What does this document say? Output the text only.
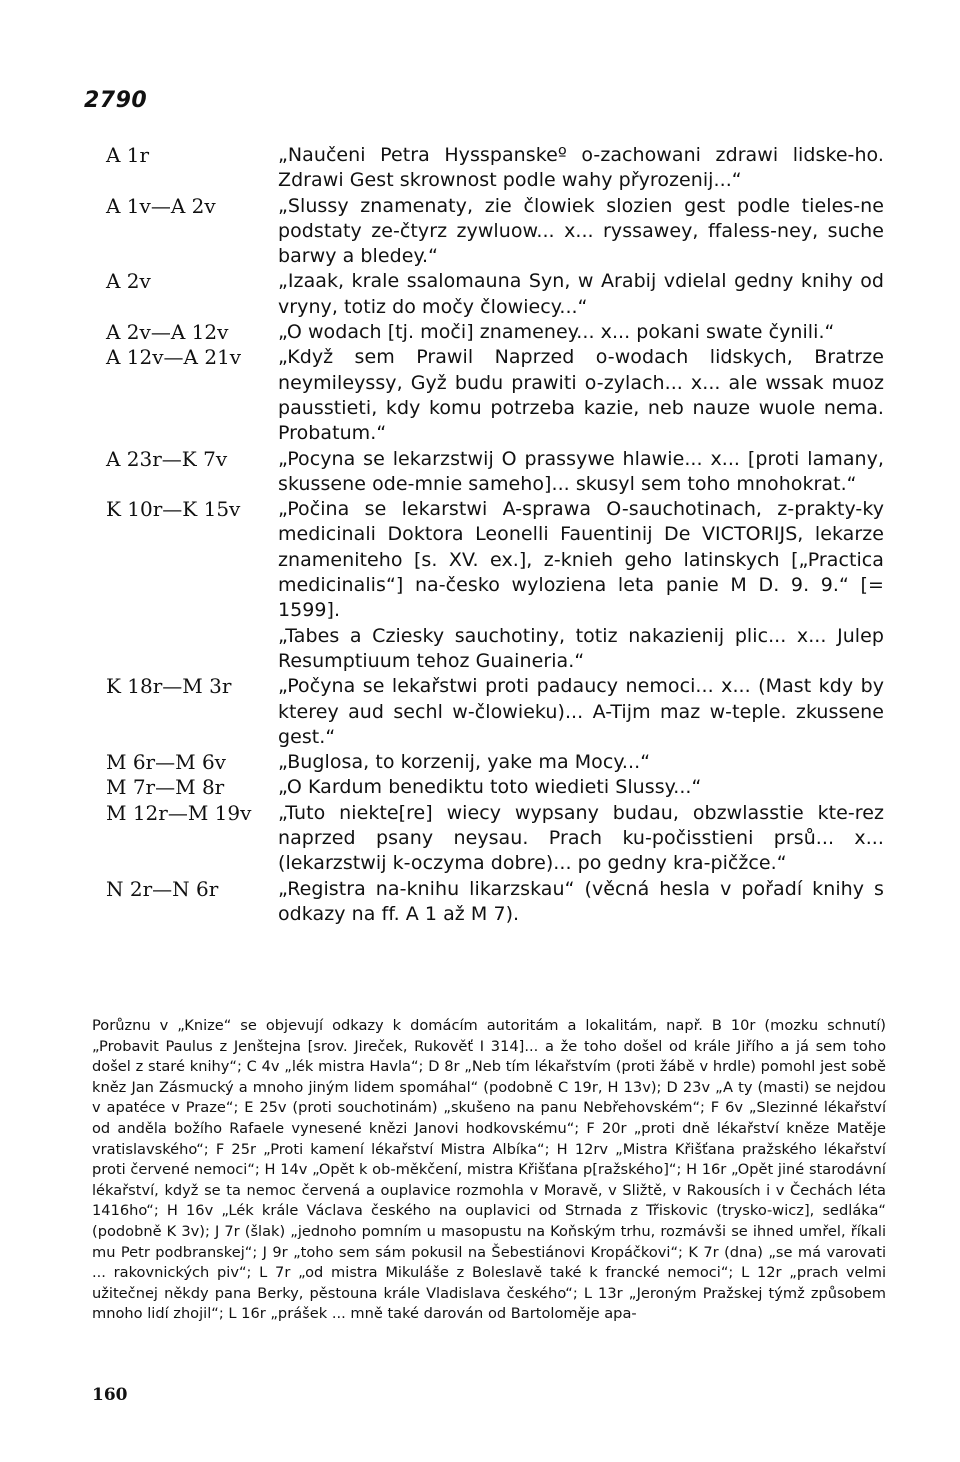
2790
A 1r	„Naučeni Petra Hysspanskeº o-zachowani zdrawi lidske-ho. Zdrawi Gest skrownost podle wahy přyrozenij...“

A 1v—A 2v	„Slussy znamenaty, zie člowiek slozien gest podle tieles-ne podstaty ze-čtyrz zywluow... x... ryssawey, ffaless-ney, suche barwy a bledey.“

A 2v	„Izaak, krale ssalomauna Syn, w Arabij vdielal gedny knihy od vryny, totiz do močy člowiecy...“

A 2v—A 12v	„O wodach [tj. moči] znameney... x... pokani swate čynili.“

A 12v—A 21v	„Když sem Prawil Naprzed o-wodach lidskych, Bratrze neymileyssy, Gyž budu prawiti o-zylach... x... ale wssak muoz pausstieti, kdy komu potrzeba kazie, neb nauze wuole nema. Probatum.“

A 23r—K 7v	„Pocyna se lekarzstwij O prassywe hlawie... x... [proti lamany, skussene ode-mnie sameho]... skusyl sem toho mnohokrat.“

K 10r—K 15v	„Počina se lekarstwi A-sprawa O-sauchotinach, z-prakty-ky medicinali Doktora Leonelli Fauentinij De VICTORIJS, lekarze znameniteho [s. XV. ex.], z-knieh geho latinskych [„Practica medicinalis“] na-česko wyloziena leta panie M D. 9. 9.“ [= 1599].

„Tabes a Cziesky sauchotiny, totiz nakazienij plic... x... Julep Resumptiuum tehoz Guaineria.“

K 18r—M 3r	„Počyna se lekařstwi proti padaucy nemoci... x... (Mast kdy by kterey aud sechl w-člowieku)... A-Tijm maz w-teple. zkussene gest.“

M 6r—M 6v	„Buglosa, to korzenij, yake ma Mocy...“

M 7r—M 8r	„O Kardum benediktu toto wiedieti Slussy...“

M 12r—M 19v	„Tuto niekte[re] wiecy wypsany budau, obzwlasstie kte-rez naprzed psany neysau. Prach ku-počisstieni prsů... x... (lekarzstwij k-oczyma dobre)... po gedny kra-pičžce.“

N 2r—N 6r	„Registra na-knihu likarzskau“ (věcná hesla v pořadí knihy s odkazy na ff. A 1 až M 7).

Porůznu v „Knize“ se objevují odkazy k domácím autoritám a lokalitám, např. B 10r (mozku schnutí) „Probavit Paulus z Jenštejna [srov. Jireček, Rukověť I 314]... a že toho došel od krále Jiřího a já sem toho došel z staré knihy“; C 4v „lék mistra Havla“; D 8r „Neb tím lékařstvím (proti žábě v hrdle) pomohl jest sobě kněz Jan Zásmucký a mnoho jiným lidem spomáhal“ (podobně C 19r, H 13v); D 23v „A ty (masti) se nejdou v apatéce v Praze“; E 25v (proti souchotinám) „skušeno na panu Nebřehovském“; F 6v „Slezinné lékařství od anděla božího Rafaele vynesené knězi Janovi hodkovskému“; F 20r „proti dně lékařství kněze Matěje vratislavského“; F 25r „Proti kamení lékařství Mistra Albíka“; H 12rv „Mistra Křišťana pražského lékařství proti červené nemoci“; H 14v „Opět k ob-měkčení, mistra Křišťana p[ražského]“; H 16r „Opět jiné starodávní lékařství, když se ta nemoc červená a ouplavice rozmohla v Moravě, v Sližtě, v Rakousích i v Čechách léta 1416ho“; H 16v „Lék krále Václava českého na ouplavici od Strnada z Třiskovic (trysko-wicz], sedláka“ (podobně K 3v); J 7r (šlak) „jednoho pomním u masopustu na Koňským trhu, rozmávši se ihned umřel, říkali mu Petr podbranskej“; J 9r „toho sem sám pokusil na Šebestiánovi Kropáčkovi“; K 7r (dna) „se má varovati ... rakovnických piv“; L 7r „od mistra Mikuláše z Boleslavě také k francké nemoci“; L 12r „prach velmi užitečnej někdy pana Berky, pěstouna krále Vladislava českého“; L 13r „Jeroným Pražskej týmž způsobem mnoho lidí zhojil“; L 16r „prášek ... mně také darován od Bartoloměje apa-

160
